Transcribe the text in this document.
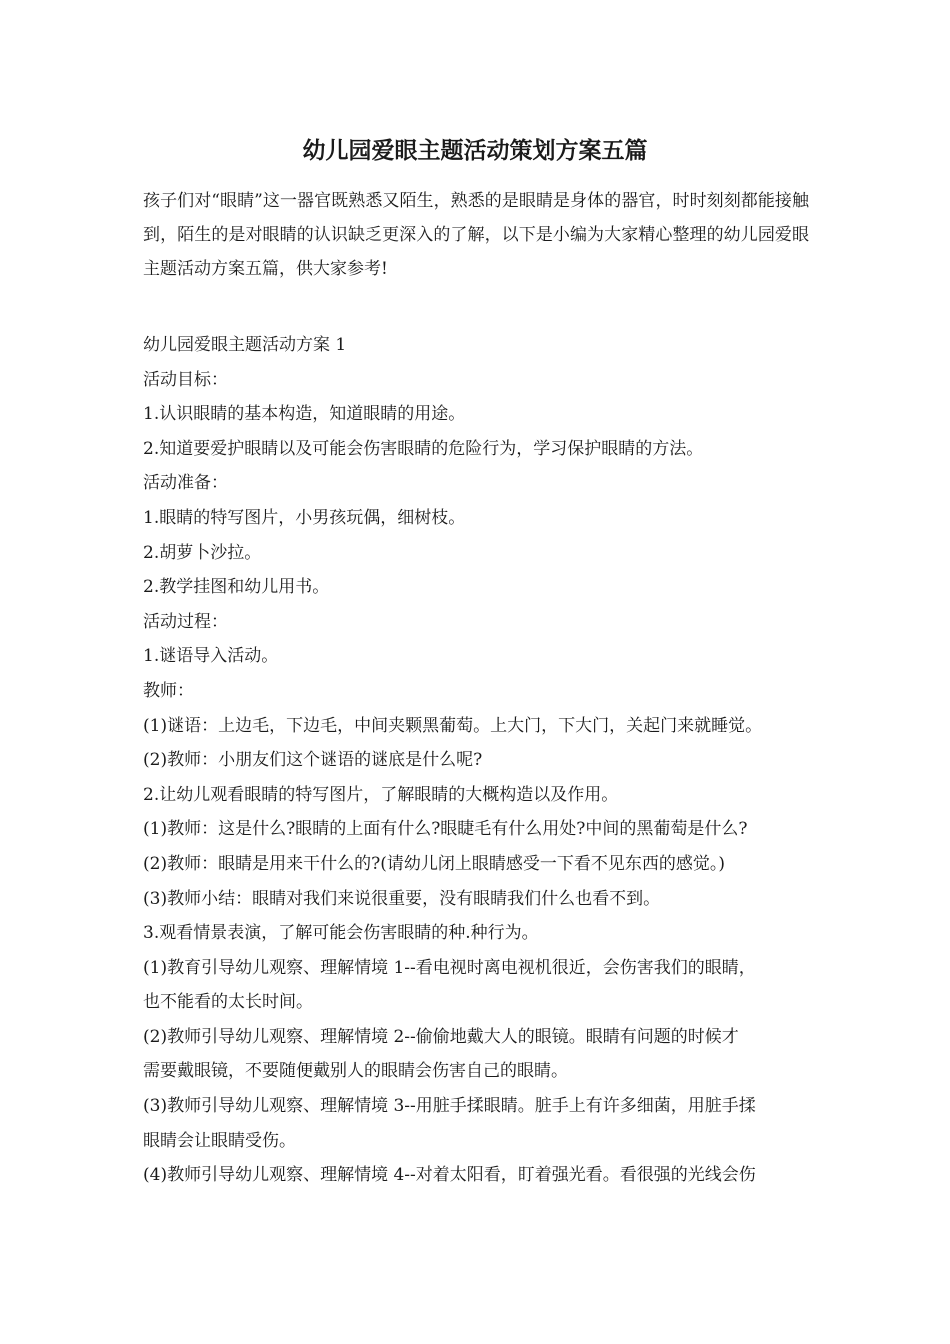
幼儿园爱眼主题活动策划方案五篇

孩子们对“眼睛”这一器官既熟悉又陌生，熟悉的是眼睛是身体的器官，时时刻刻都能接触到，陌生的是对眼睛的认识缺乏更深入的了解，以下是小编为大家精心整理的幼儿园爱眼主题活动方案五篇，供大家参考!

幼儿园爱眼主题活动方案 1
活动目标：
1.认识眼睛的基本构造，知道眼睛的用途。
2.知道要爱护眼睛以及可能会伤害眼睛的危险行为，学习保护眼睛的方法。
活动准备：
1.眼睛的特写图片，小男孩玩偶，细树枝。
2.胡萝卜沙拉。
2.教学挂图和幼儿用书。
活动过程：
1.谜语导入活动。
教师：
(1)谜语：上边毛，下边毛，中间夹颗黑葡萄。上大门，下大门，关起门来就睡觉。
(2)教师：小朋友们这个谜语的谜底是什么呢?
2.让幼儿观看眼睛的特写图片，了解眼睛的大概构造以及作用。
(1)教师：这是什么?眼睛的上面有什么?眼睫毛有什么用处?中间的黑葡萄是什么?
(2)教师：眼睛是用来干什么的?(请幼儿闭上眼睛感受一下看不见东西的感觉。)
(3)教师小结：眼睛对我们来说很重要，没有眼睛我们什么也看不到。
3.观看情景表演，了解可能会伤害眼睛的种.种行为。
(1)教育引导幼儿观察、理解情境 1--看电视时离电视机很近，会伤害我们的眼睛，
也不能看的太长时间。
(2)教师引导幼儿观察、理解情境 2--偷偷地戴大人的眼镜。眼睛有问题的时候才
需要戴眼镜，不要随便戴别人的眼睛会伤害自己的眼睛。
(3)教师引导幼儿观察、理解情境 3--用脏手揉眼睛。脏手上有许多细菌，用脏手揉
眼睛会让眼睛受伤。
(4)教师引导幼儿观察、理解情境 4--对着太阳看，盯着强光看。看很强的光线会伤
